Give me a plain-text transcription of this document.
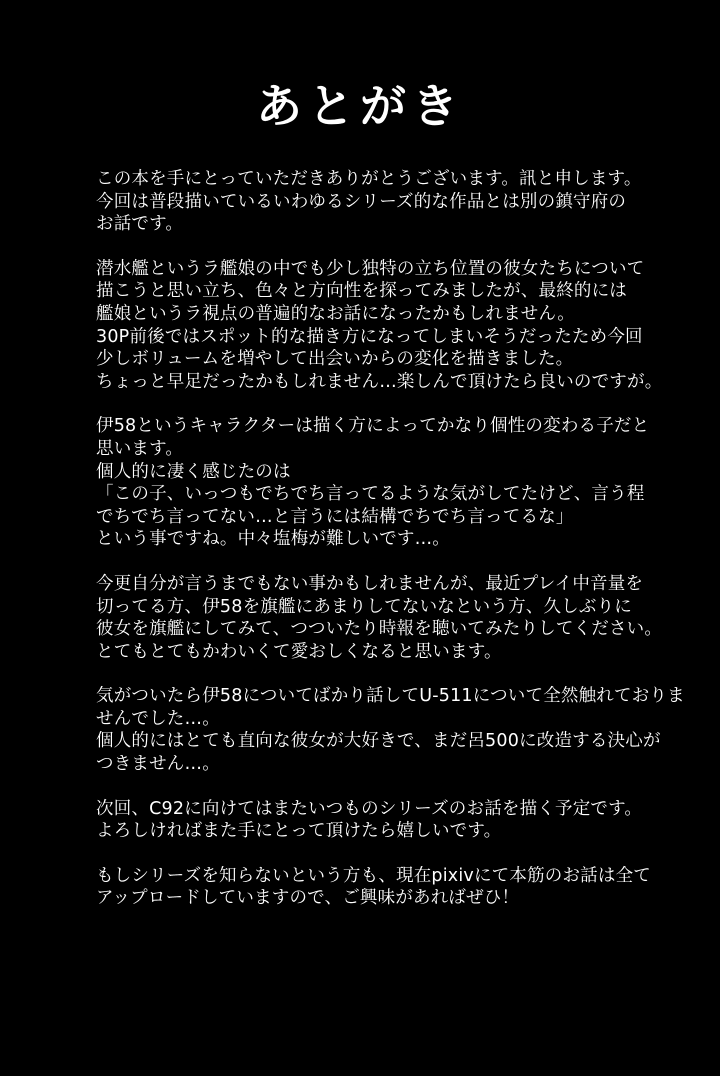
あとがき
この本を手にとっていただきありがとうございます。訊と申します。
今回は普段描いているいわゆるシリーズ的な作品とは別の鎮守府の
お話です。
潜水艦というラ艦娘の中でも少し独特の立ち位置の彼女たちについて
描こうと思い立ち、色々と方向性を探ってみましたが、最終的には
艦娘というラ視点の普遍的なお話になったかもしれません。
30P前後ではスポット的な描き方になってしまいそうだったため今回
少しボリュームを増やして出会いからの変化を描きました。
ちょっと早足だったかもしれません…楽しんで頂けたら良いのですが。
伊58というキャラクターは描く方によってかなり個性の変わる子だと
思います。
個人的に凄く感じたのは
「この子、いっつもでちでち言ってるような気がしてたけど、言う程
でちでち言ってない…と言うには結構でちでち言ってるな」
という事ですね。中々塩梅が難しいです…。
今更自分が言うまでもない事かもしれませんが、最近プレイ中音量を
切ってる方、伊58を旗艦にあまりしてないなという方、久しぶりに
彼女を旗艦にしてみて、つついたり時報を聴いてみたりしてください。
とてもとてもかわいくて愛おしくなると思います。
気がついたら伊58についてばかり話してU-511について全然触れておりま
せんでした…。
個人的にはとても直向な彼女が大好きで、まだ呂500に改造する決心が
つきません…。
次回、C92に向けてはまたいつものシリーズのお話を描く予定です。
よろしければまた手にとって頂けたら嬉しいです。
もしシリーズを知らないという方も、現在pixivにて本筋のお話は全て
アップロードしていますので、ご興味があればぜひ！
